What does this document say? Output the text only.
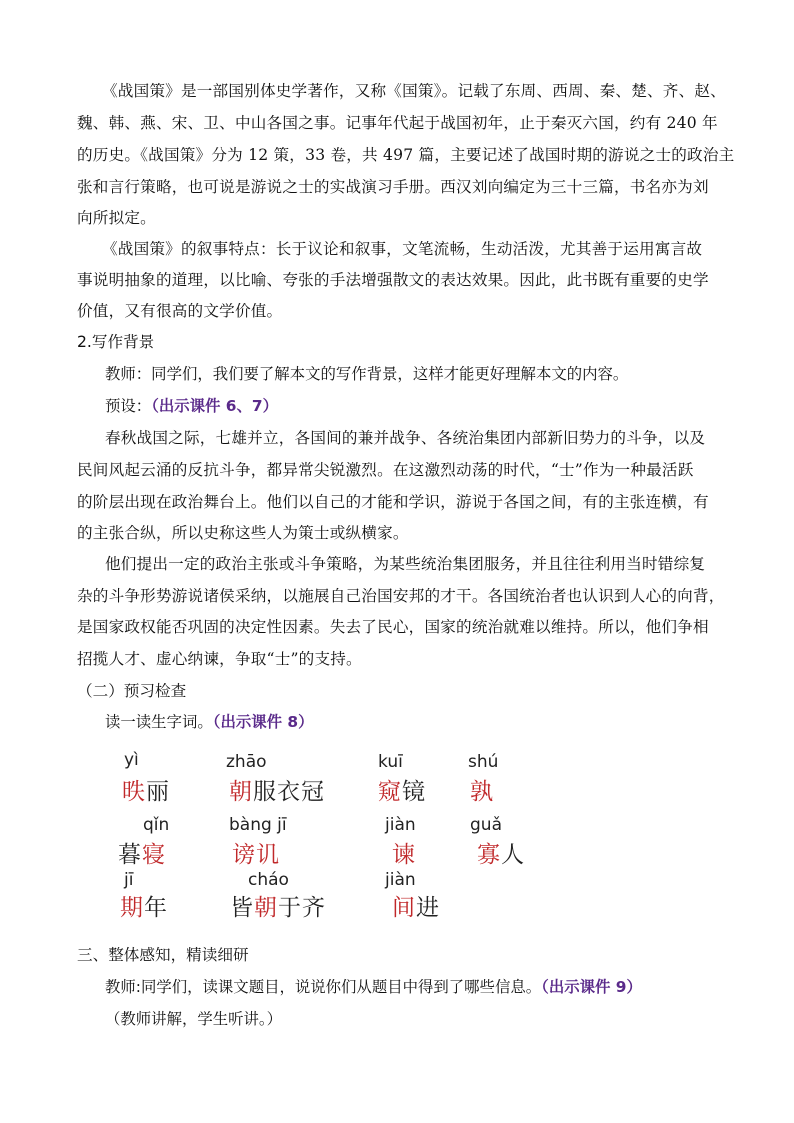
《战国策》是一部国别体史学著作，又称《国策》。记载了东周、西周、秦、楚、齐、赵、
魏、韩、燕、宋、卫、中山各国之事。记事年代起于战国初年，止于秦灭六国，约有 240 年
的历史。《战国策》分为 12 策，33 卷，共 497 篇，主要记述了战国时期的游说之士的政治主
张和言行策略，也可说是游说之士的实战演习手册。西汉刘向编定为三十三篇，书名亦为刘
向所拟定。
《战国策》的叙事特点：长于议论和叙事，文笔流畅，生动活泼，尤其善于运用寓言故
事说明抽象的道理，以比喻、夸张的手法增强散文的表达效果。因此，此书既有重要的史学
价值，又有很高的文学价值。
2.写作背景
教师：同学们，我们要了解本文的写作背景，这样才能更好理解本文的内容。
预设：（出示课件 6、7）
春秋战国之际，七雄并立，各国间的兼并战争、各统治集团内部新旧势力的斗争，以及
民间风起云涌的反抗斗争，都异常尖锐激烈。在这激烈动荡的时代，“士”作为一种最活跃
的阶层出现在政治舞台上。他们以自己的才能和学识，游说于各国之间，有的主张连横，有
的主张合纵，所以史称这些人为策士或纵横家。
他们提出一定的政治主张或斗争策略，为某些统治集团服务，并且往往利用当时错综复
杂的斗争形势游说诸侯采纳，以施展自己治国安邦的才干。各国统治者也认识到人心的向背，
是国家政权能否巩固的决定性因素。失去了民心，国家的统治就难以维持。所以，他们争相
招揽人才、虚心纳谏，争取“士”的支持。
（二）预习检查
读一读生字词。（出示课件 8）
yì
昳丽
zhāo
朝服衣冠
kuī
窥镜
shú
孰
qǐn
暮寝
bàng jī
谤讥
jiàn
谏
guǎ
寡人
jī
期年
cháo
皆朝于齐
jiàn
间进
三、整体感知，精读细研
教师:同学们，读课文题目，说说你们从题目中得到了哪些信息。（出示课件 9）
（教师讲解，学生听讲。）
